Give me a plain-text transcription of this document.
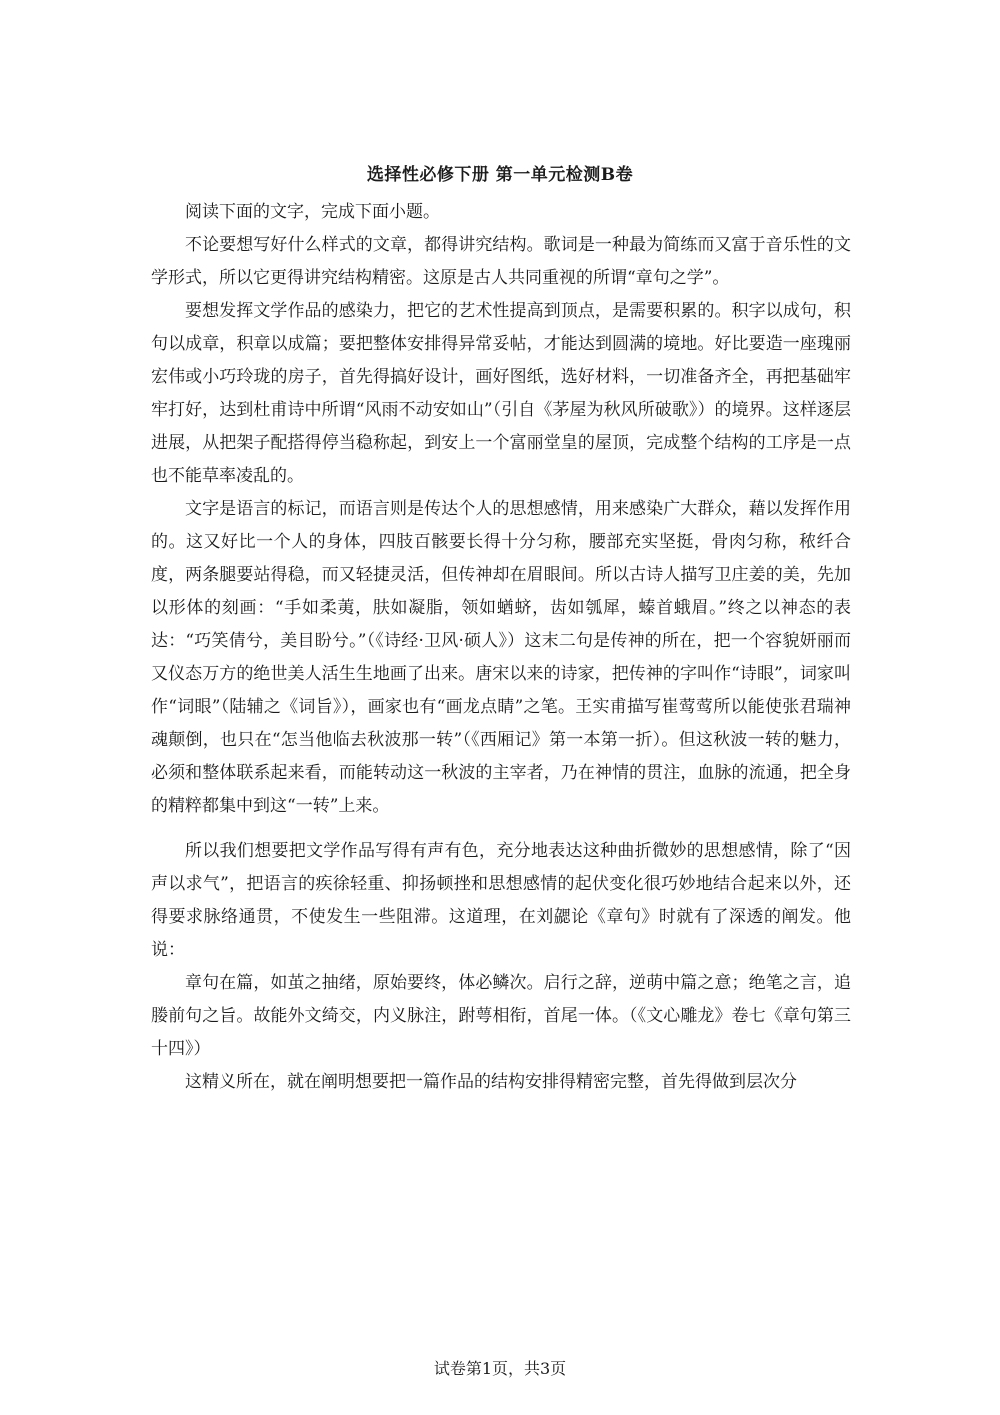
选择性必修下册 第一单元检测B卷

阅读下面的文字，完成下面小题。

不论要想写好什么样式的文章，都得讲究结构。歌词是一种最为简练而又富于音乐性的文学形式，所以它更得讲究结构精密。这原是古人共同重视的所谓“章句之学”。

要想发挥文学作品的感染力，把它的艺术性提高到顶点，是需要积累的。积字以成句，积句以成章，积章以成篇；要把整体安排得异常妥帖，才能达到圆满的境地。好比要造一座瑰丽宏伟或小巧玲珑的房子，首先得搞好设计，画好图纸，选好材料，一切准备齐全，再把基础牢牢打好，达到杜甫诗中所谓“风雨不动安如山”（引自《茅屋为秋风所破歌》）的境界。这样逐层进展，从把架子配搭得停当稳称起，到安上一个富丽堂皇的屋顶，完成整个结构的工序是一点也不能草率凌乱的。

文字是语言的标记，而语言则是传达个人的思想感情，用来感染广大群众，藉以发挥作用的。这又好比一个人的身体，四肢百骸要长得十分匀称，腰部充实坚挺，骨肉匀称，秾纤合度，两条腿要站得稳，而又轻捷灵活，但传神却在眉眼间。所以古诗人描写卫庄姜的美，先加以形体的刻画：“手如柔荑，肤如凝脂，领如蝤蛴，齿如瓠犀，螓首蛾眉。”终之以神态的表达：“巧笑倩兮，美目盼兮。”（《诗经·卫风·硕人》）这末二句是传神的所在，把一个容貌妍丽而又仪态万方的绝世美人活生生地画了出来。唐宋以来的诗家，把传神的字叫作“诗眼”，词家叫作“词眼”（陆辅之《词旨》），画家也有“画龙点睛”之笔。王实甫描写崔莺莺所以能使张君瑞神魂颠倒，也只在“怎当他临去秋波那一转”（《西厢记》第一本第一折）。但这秋波一转的魅力，必须和整体联系起来看，而能转动这一秋波的主宰者，乃在神情的贯注，血脉的流通，把全身的精粹都集中到这“一转”上来。

所以我们想要把文学作品写得有声有色，充分地表达这种曲折微妙的思想感情，除了“因声以求气”，把语言的疾徐轻重、抑扬顿挫和思想感情的起伏变化很巧妙地结合起来以外，还得要求脉络通贯，不使发生一些阻滞。这道理，在刘勰论《章句》时就有了深透的阐发。他说：

章句在篇，如茧之抽绪，原始要终，体必鳞次。启行之辞，逆萌中篇之意；绝笔之言，追媵前句之旨。故能外文绮交，内义脉注，跗萼相衔，首尾一体。（《文心雕龙》卷七《章句第三十四》）

这精义所在，就在阐明想要把一篇作品的结构安排得精密完整，首先得做到层次分

试卷第1页，共3页
